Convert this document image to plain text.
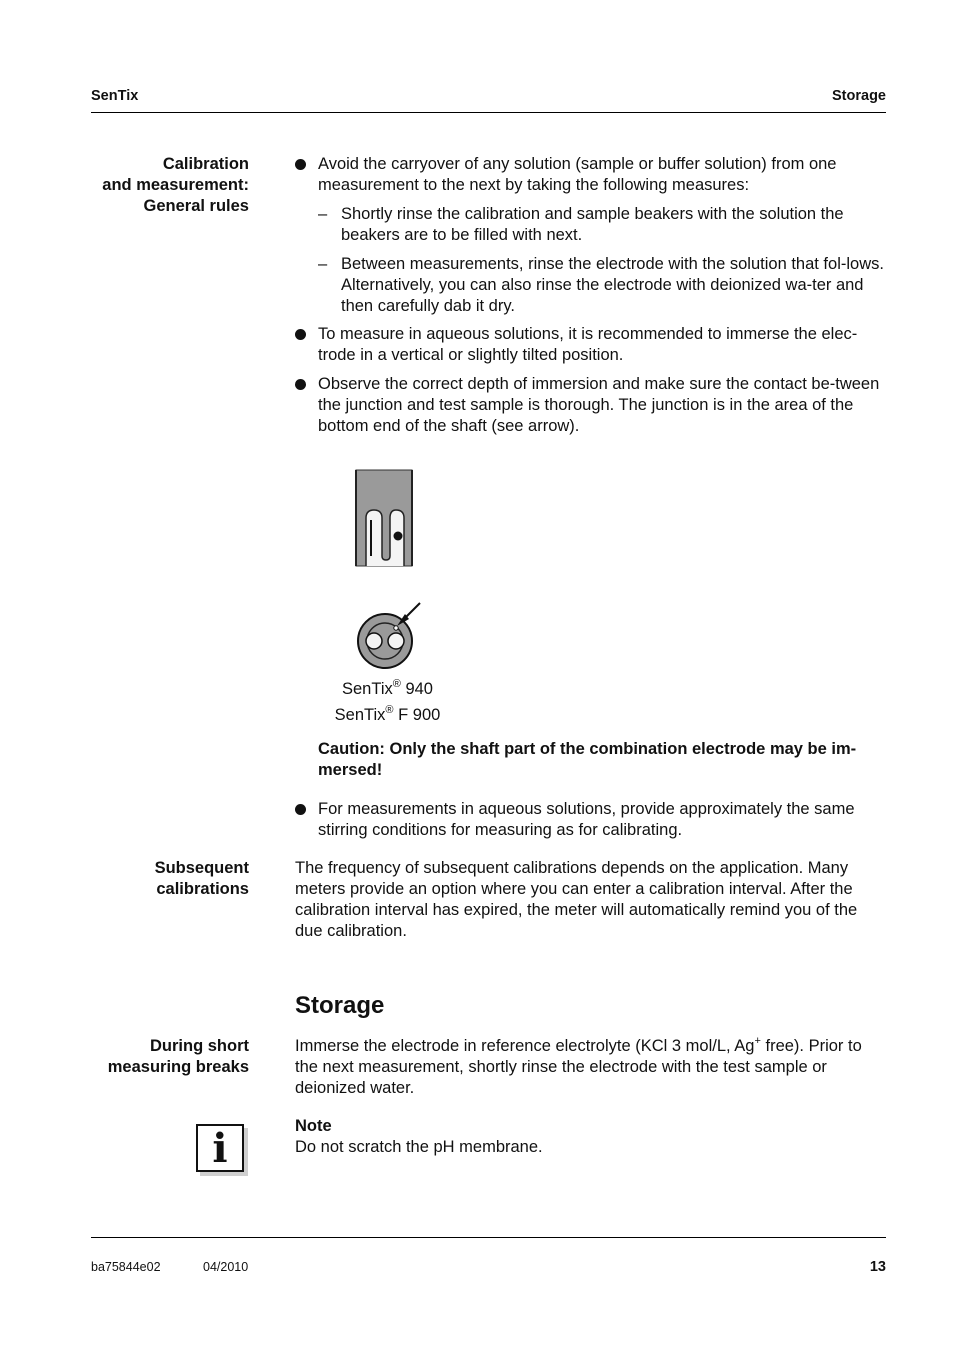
SenTix	Storage
Calibration
and measurement:
General rules
Avoid the carryover of any solution (sample or buffer solution) from one measurement to the next by taking the following measures:
– Shortly rinse the calibration and sample beakers with the solution the beakers are to be filled with next.
– Between measurements, rinse the electrode with the solution that fol-lows. Alternatively, you can also rinse the electrode with deionized wa-ter and then carefully dab it dry.
To measure in aqueous solutions, it is recommended to immerse the elec-trode in a vertical or slightly tilted position.
Observe the correct depth of immersion and make sure the contact be-tween the junction and test sample is thorough. The junction is in the area of the bottom end of the shaft (see arrow).
SenTix® 940
SenTix® F 900
Caution: Only the shaft part of the combination electrode may be im-mersed!
For measurements in aqueous solutions, provide approximately the same stirring conditions for measuring as for calibrating.
Subsequent
calibrations
The frequency of subsequent calibrations depends on the application. Many meters provide an option where you can enter a calibration interval. After the calibration interval has expired, the meter will automatically remind you of the due calibration.
Storage
During short
measuring breaks
Immerse the electrode in reference electrolyte (KCl 3 mol/L, Ag+ free). Prior to the next measurement, shortly rinse the electrode with the test sample or deionized water.
i	Note
Do not scratch the pH membrane.
ba75844e02	04/2010	13
